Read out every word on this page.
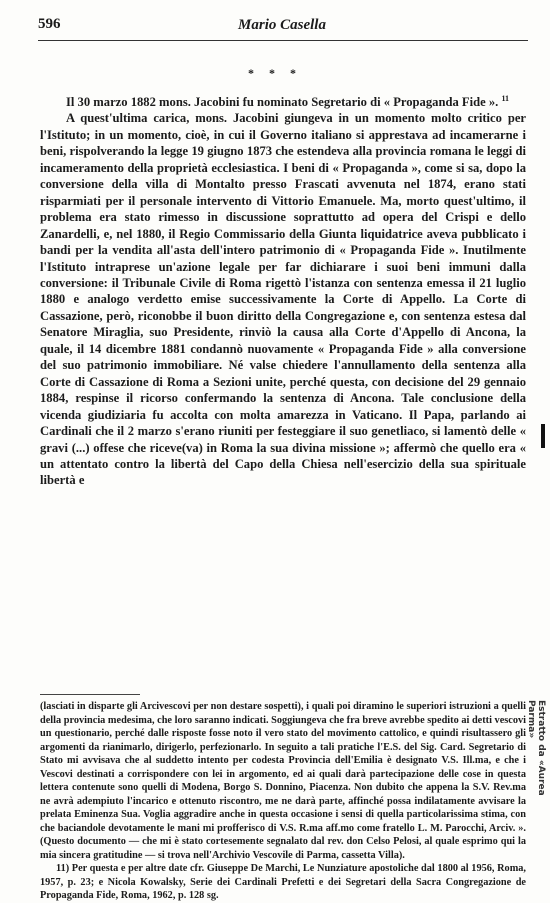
596	Mario Casella
* * *

Il 30 marzo 1882 mons. Jacobini fu nominato Segretario di « Propaganda Fide ». $^{11}$

A quest'ultima carica, mons. Jacobini giungeva in un momento molto critico per l'Istituto; in un momento, cioè, in cui il Governo italiano si apprestava ad incamerarne i beni, rispolverando la legge 19 giugno 1873 che estendeva alla provincia romana le leggi di incameramento della proprietà ecclesiastica. I beni di « Propaganda », come si sa, dopo la conversione della villa di Montalto presso Frascati avvenuta nel 1874, erano stati risparmiati per il personale intervento di Vittorio Emanuele. Ma, morto quest'ultimo, il problema era stato rimesso in discussione soprattutto ad opera del Crispi e dello Zanardelli, e, nel 1880, il Regio Commissario della Giunta liquidatrice aveva pubblicato i bandi per la vendita all'asta dell'intero patrimonio di « Propaganda Fide ». Inutilmente l'Istituto intraprese un'azione legale per far dichiarare i suoi beni immuni dalla conversione: il Tribunale Civile di Roma rigettò l'istanza con sentenza emessa il 21 luglio 1880 e analogo verdetto emise successivamente la Corte di Appello. La Corte di Cassazione, però, riconobbe il buon diritto della Congregazione e, con sentenza estesa dal Senatore Miraglia, suo Presidente, rinviò la causa alla Corte d'Appello di Ancona, la quale, il 14 dicembre 1881 condannò nuovamente « Propaganda Fide » alla conversione del suo patrimonio immobiliare. Né valse chiedere l'annullamento della sentenza alla Corte di Cassazione di Roma a Sezioni unite, perché questa, con decisione del 29 gennaio 1884, respinse il ricorso confermando la sentenza di Ancona. Tale conclusione della vicenda giudiziaria fu accolta con molta amarezza in Vaticano. Il Papa, parlando ai Cardinali che il 2 marzo s'erano riuniti per festeggiare il suo genetliaco, si lamentò delle « gravi (...) offese che riceve(va) in Roma la sua divina missione »; affermò che quello era « un attentato contro la libertà del Capo della Chiesa nell'esercizio della sua spirituale libertà e

(lasciati in disparte gli Arcivescovi per non destare sospetti), i quali poi diramino le superiori istruzioni a quelli della provincia medesima, che loro saranno indicati. Soggiungeva che fra breve avrebbe spedito ai detti vescovi un questionario, perché dalle risposte fosse noto il vero stato del movimento cattolico, e quindi risultassero gli argomenti da rianimarlo, dirigerlo, perfezionarlo. In seguito a tali pratiche l'E.S. del Sig. Card. Segretario di Stato mi avvisava che al suddetto intento per codesta Provincia dell'Emilia è designato V.S. Ill.ma, e che i Vescovi destinati a corrispondere con lei in argomento, ed ai quali darà partecipazione delle cose in questa lettera contenute sono quelli di Modena, Borgo S. Donnino, Piacenza. Non dubito che appena la S.V. Rev.ma ne avrà adempiuto l'incarico e ottenuto riscontro, me ne darà parte, affinché possa indilatamente avvisare la prelata Eminenza Sua. Voglia aggradire anche in questa occasione i sensi di quella particolarissima stima, con che baciandole devotamente le mani mi profferisco di V.S. R.ma aff.mo come fratello L. M. Parocchi, Arciv. ». (Questo documento — che mi è stato cortesemente segnalato dal rev. don Celso Pelosi, al quale esprimo qui la mia sincera gratitudine — si trova nell'Archivio Vescovile di Parma, cassetta Villa).

11) Per questa e per altre date cfr. Giuseppe De Marchi, Le Nunziature apostoliche dal 1800 al 1956, Roma, 1957, p. 23; e Nicola Kowalsky, Serie dei Cardinali Prefetti e dei Segretari della Sacra Congregazione de Propaganda Fide, Roma, 1962, p. 128 sg.

Estratto da «Aurea Parma»
